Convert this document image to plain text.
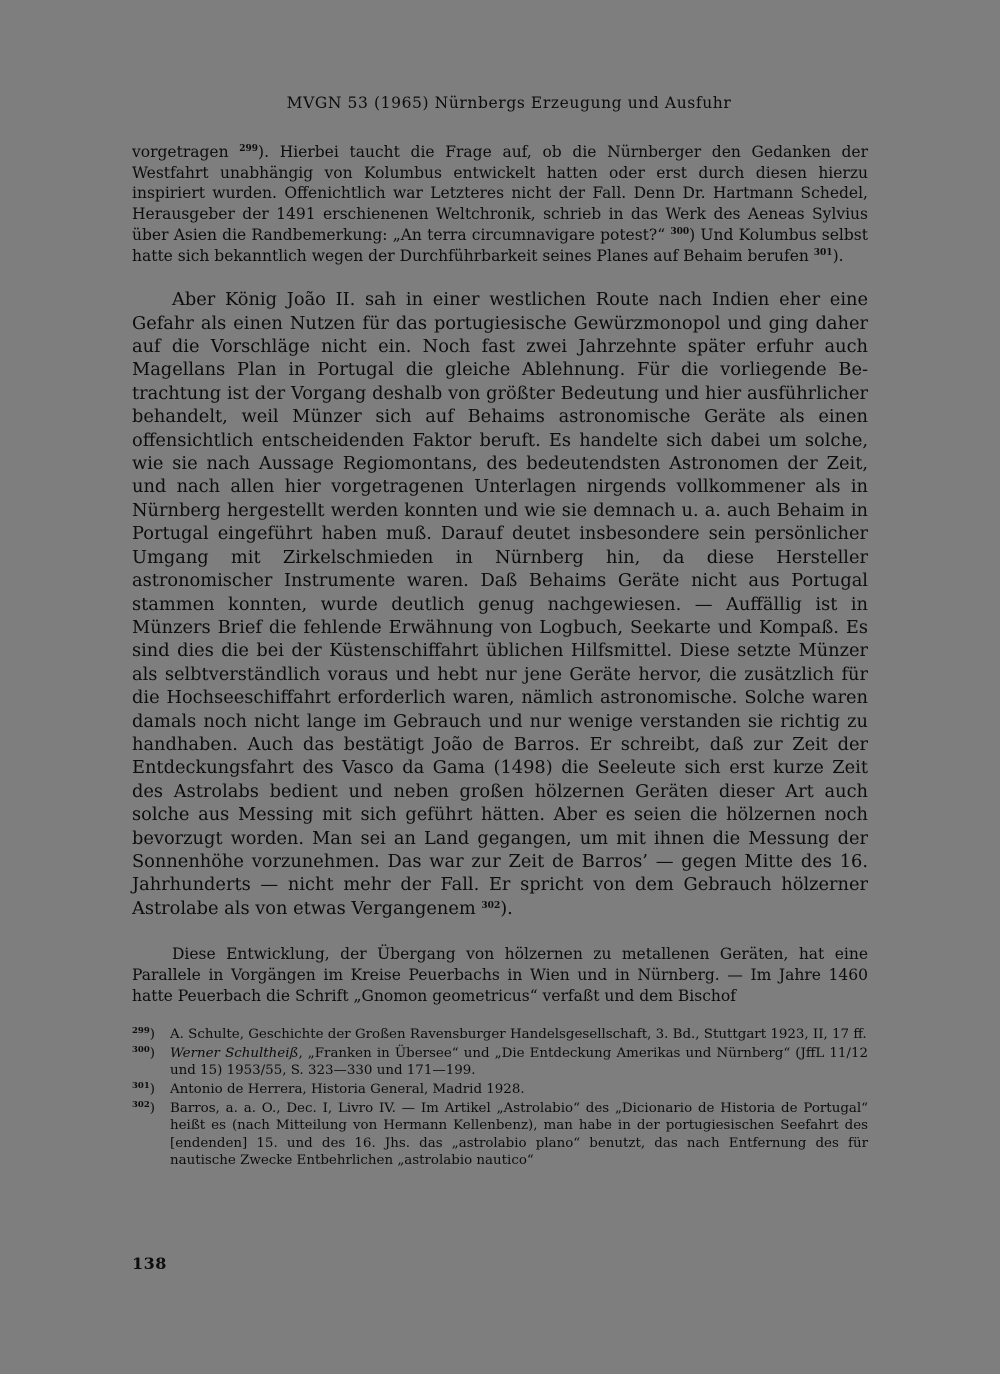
MVGN 53 (1965) Nürnbergs Erzeugung und Ausfuhr

vorgetragen $^{299}$). Hierbei taucht die Frage auf, ob die Nürnberger den Gedanken der Westfahrt unabhängig von Kolumbus entwickelt hatten oder erst durch diesen hierzu inspiriert wurden. Offenichtlich war Letzteres nicht der Fall. Denn Dr. Hartmann Schedel, Herausgeber der 1491 erschienenen Weltchronik, schrieb in das Werk des Aeneas Sylvius über Asien die Randbemerkung: „An terra circumnavigare potest?“ $^{300}$) Und Kolumbus selbst hatte sich bekanntlich wegen der Durchführbarkeit seines Planes auf Behaim berufen $^{301}$).

Aber König João II. sah in einer westlichen Route nach Indien eher eine Gefahr als einen Nutzen für das portugiesische Gewürzmonopol und ging daher auf die Vorschläge nicht ein. Noch fast zwei Jahrzehnte später erfuhr auch Magellans Plan in Portugal die gleiche Ablehnung. Für die vorliegende Betrachtung ist der Vorgang deshalb von größter Bedeutung und hier ausführlicher behandelt, weil Münzer sich auf Behaims astronomische Geräte als einen offensichtlich entscheidenden Faktor beruft. Es handelte sich dabei um solche, wie sie nach Aussage Regiomontans, des bedeutendsten Astronomen der Zeit, und nach allen hier vorgetragenen Unterlagen nirgends vollkommener als in Nürnberg hergestellt werden konnten und wie sie demnach u. a. auch Behaim in Portugal eingeführt haben muß. Darauf deutet insbesondere sein persönlicher Umgang mit Zirkelschmieden in Nürnberg hin, da diese Hersteller astronomischer Instrumente waren. Daß Behaims Geräte nicht aus Portugal stammen konnten, wurde deutlich genug nachgewiesen. — Auffällig ist in Münzers Brief die fehlende Erwähnung von Logbuch, Seekarte und Kompaß. Es sind dies die bei der Küstenschiffahrt üblichen Hilfsmittel. Diese setzte Münzer als selbtverständlich voraus und hebt nur jene Geräte hervor, die zusätzlich für die Hochseeschiffahrt erforderlich waren, nämlich astronomische. Solche waren damals noch nicht lange im Gebrauch und nur wenige verstanden sie richtig zu handhaben. Auch das bestätigt João de Barros. Er schreibt, daß zur Zeit der Entdeckungsfahrt des Vasco da Gama (1498) die Seeleute sich erst kurze Zeit des Astrolabs bedient und neben großen hölzernen Geräten dieser Art auch solche aus Messing mit sich geführt hätten. Aber es seien die hölzernen noch bevorzugt worden. Man sei an Land gegangen, um mit ihnen die Messung der Sonnenhöhe vorzunehmen. Das war zur Zeit de Barros’ — gegen Mitte des 16. Jahrhunderts — nicht mehr der Fall. Er spricht von dem Gebrauch hölzerner Astrolabe als von etwas Vergangenem $^{302}$).

Diese Entwicklung, der Übergang von hölzernen zu metallenen Geräten, hat eine Parallele in Vorgängen im Kreise Peuerbachs in Wien und in Nürnberg. — Im Jahre 1460 hatte Peuerbach die Schrift „Gnomon geometricus“ verfaßt und dem Bischof

$^{299}$)	A. Schulte, Geschichte der Großen Ravensburger Handelsgesellschaft, 3. Bd., Stuttgart 1923, II, 17 ff.
$^{300}$)	Werner Schultheiß, „Franken in Übersee“ und „Die Entdeckung Amerikas und Nürnberg“ (JffL 11/12 und 15) 1953/55, S. 323—330 und 171—199.
$^{301}$)	Antonio de Herrera, Historia General, Madrid 1928.
$^{302}$)	Barros, a. a. O., Dec. I, Livro IV. — Im Artikel „Astrolabio“ des „Dicionario de Historia de Portugal“ heißt es (nach Mitteilung von Hermann Kellenbenz), man habe in der portugiesischen Seefahrt des [endenden] 15. und des 16. Jhs. das „astrolabio plano“ benutzt, das nach Entfernung des für nautische Zwecke Entbehrlichen „astrolabio nautico“
138
